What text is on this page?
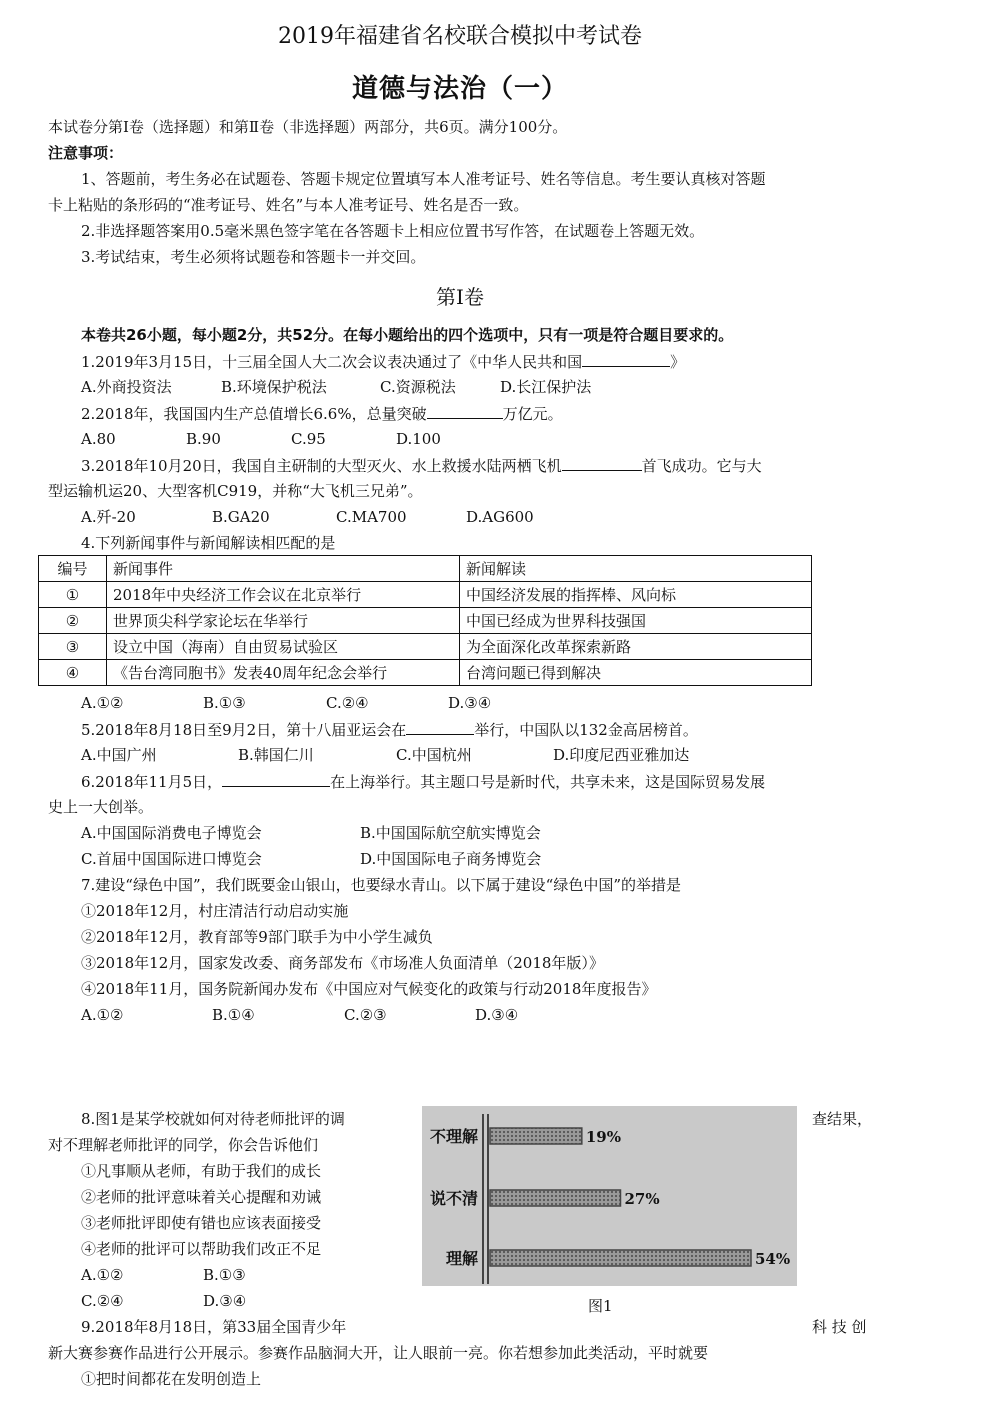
2019年福建省名校联合模拟中考试卷
道德与法治（一）
本试卷分第Ⅰ卷（选择题）和第Ⅱ卷（非选择题）两部分，共6页。满分100分。
注意事项：
1、答题前，考生务必在试题卷、答题卡规定位置填写本人准考证号、姓名等信息。考生要认真核对答题
卡上粘贴的条形码的“准考证号、姓名”与本人准考证号、姓名是否一致。
2.非选择题答案用0.5毫米黑色签字笔在各答题卡上相应位置书写作答，在试题卷上答题无效。
3.考试结束，考生必须将试题卷和答题卡一并交回。
第Ⅰ卷
本卷共26小题，每小题2分，共52分。在每小题给出的四个选项中，只有一项是符合题目要求的。
1.2019年3月15日，十三届全国人大二次会议表决通过了《中华人民共和国	》
A.外商投资法	B.环境保护税法	C.资源税法	D.长江保护法
2.2018年，我国国内生产总值增长6.6%，总量突破	万亿元。
A.80	B.90	C.95	D.100
3.2018年10月20日，我国自主研制的大型灭火、水上救援水陆两栖飞机	首飞成功。它与大
型运输机运20、大型客机C919，并称“大飞机三兄弟”。
A.歼-20	B.GA20	C.MA700	D.AG600
4.下列新闻事件与新闻解读相匹配的是
编号	新闻事件	新闻解读
①	2018年中央经济工作会议在北京举行	中国经济发展的指挥棒、风向标
②	世界顶尖科学家论坛在华举行	中国已经成为世界科技强国
③	设立中国（海南）自由贸易试验区	为全面深化改革探索新路
④	《告台湾同胞书》发表40周年纪念会举行	台湾问题已得到解决
A.①②	B.①③	C.②④	D.③④
5.2018年8月18日至9月2日，第十八届亚运会在	举行，中国队以132金高居榜首。
A.中国广州	B.韩国仁川	C.中国杭州	D.印度尼西亚雅加达
6.2018年11月5日，	在上海举行。其主题口号是新时代，共享未来，这是国际贸易发展
史上一大创举。
A.中国国际消费电子博览会	B.中国国际航空航实博览会
C.首届中国国际进口博览会	D.中国国际电子商务博览会
7.建设“绿色中国”，我们既要金山银山，也要绿水青山。以下属于建设“绿色中国”的举措是
①2018年12月，村庄清洁行动启动实施
②2018年12月，教育部等9部门联手为中小学生减负
③2018年12月，国家发改委、商务部发布《市场准人负面清单（2018年版）》
④2018年11月，国务院新闻办发布《中国应对气候变化的政策与行动2018年度报告》
A.①②	B.①④	C.②③	D.③④
8.图1是某学校就如何对待老师批评的调	查结果，
对不理解老师批评的同学，你会告诉他们
①凡事顺从老师，有助于我们的成长
②老师的批评意味着关心提醒和劝诫
③老师批评即使有错也应该表面接受
④老师的批评可以帮助我们改正不足
A.①②	B.①③
C.②④	D.③④
不理解	19%
说不清	27%
理解	54%
图1
9.2018年8月18日，第33届全国青少年	科 技 创
新大赛参赛作品进行公开展示。参赛作品脑洞大开，让人眼前一亮。你若想参加此类活动，平时就要
①把时间都花在发明创造上
